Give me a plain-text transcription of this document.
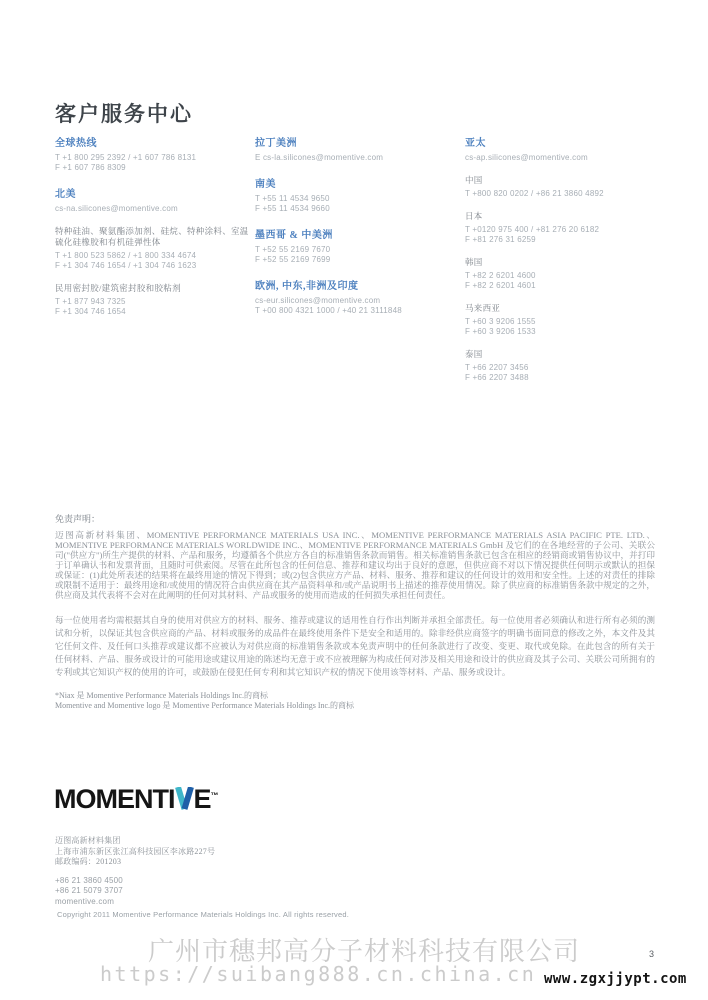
客户服务中心
全球热线
T +1 800 295 2392 / +1 607 786 8131
F +1 607 786 8309
北美
cs-na.silicones@momentive.com
特种硅油、聚氨酯添加剂、硅烷、特种涂料、室温硫化硅橡胶和有机硅弹性体
T +1 800 523 5862 / +1 800 334 4674
F +1 304 746 1654 / +1 304 746 1623
民用密封胶/建筑密封胶和胶粘剂
T +1 877 943 7325
F +1 304 746 1654
拉丁美洲
E cs-la.silicones@momentive.com
南美
T +55 11 4534 9650
F +55 11 4534 9660
墨西哥 & 中美洲
T +52 55 2169 7670
F +52 55 2169 7699
欧洲, 中东,非洲及印度
cs-eur.silicones@momentive.com
T +00 800 4321 1000 / +40 21 3111848
亚太
cs-ap.silicones@momentive.com
中国
T +800 820 0202 / +86 21 3860 4892
日本
T +0120 975 400 / +81 276 20 6182
F +81 276 31 6259
韩国
T +82 2 6201 4600
F +82 2 6201 4601
马来西亚
T +60 3 9206 1555
F +60 3 9206 1533
泰国
T +66 2207 3456
F +66 2207 3488
免责声明：

迈图高新材料集团、MOMENTIVE PERFORMANCE MATERIALS USA INC.、MOMENTIVE PERFORMANCE MATERIALS ASIA PACIFIC PTE. LTD.、MOMENTIVE PERFORMANCE MATERIALS WORLDWIDE INC.、MOMENTIVE PERFORMANCE MATERIALS GmbH 及它们的在各地经营的子公司、关联公司("供应方")所生产提供的材料、产品和服务，均遵循各个供应方各自的标准销售条款而销售。相关标准销售条款已包含在相应的经销商或销售协议中，并打印于订单确认书和发票背面，且随时可供索阅。尽管在此所包含的任何信息、推荐和建议均出于良好的意愿，但供应商不对以下情况提供任何明示或默认的担保或保证：(1)此处所表述的结果将在最终用途的情况下得到；或(2)包含供应方产品、材料、服务、推荐和建议的任何设计的效用和安全性。上述的对责任的排除或限制不适用于：最终用途和/或使用的情况符合由供应商在其产品资料单和/或产品说明书上描述的推荐使用情况。除了供应商的标准销售条款中规定的之外，供应商及其代表将不会对在此阐明的任何对其材料、产品或服务的使用而造成的任何损失承担任何责任。

每一位使用者均需根据其自身的使用对供应方的材料、服务、推荐或建议的适用性自行作出判断并承担全部责任。每一位使用者必须确认和进行所有必须的测试和分析，以保证其包含供应商的产品、材料或服务的成品件在最终使用条件下是安全和适用的。除非经供应商签字的明确书面同意的修改之外，本文件及其它任何文件、及任何口头推荐或建议都不应被认为对供应商的标准销售条款或本免责声明中的任何条款进行了改变、变更、取代或免除。在此包含的所有关于任何材料、产品、服务或设计的可能用途或建议用途的陈述均无意于或不应被理解为构成任何对涉及相关用途和设计的供应商及其子公司、关联公司所拥有的专利或其它知识产权的使用的许可，或鼓励在侵犯任何专利和其它知识产权的情况下使用该等材料、产品、服务或设计。

*Niax 是 Momentive Performance Materials Holdings Inc.的商标
Momentive and Momentive logo 是 Momentive Performance Materials Holdings Inc.的商标
MOMENTI E™
迈图高新材料集团
上海市浦东新区张江高科技园区李冰路227号
邮政编码：201203
+86 21 3860 4500
+86 21 5079 3707
momentive.com
Copyright 2011 Momentive Performance Materials Holdings Inc. All rights reserved.
广州市穗邦高分子材料科技有限公司
https://suibang888.cn.china.cn www.zgxjjypt.com
3
